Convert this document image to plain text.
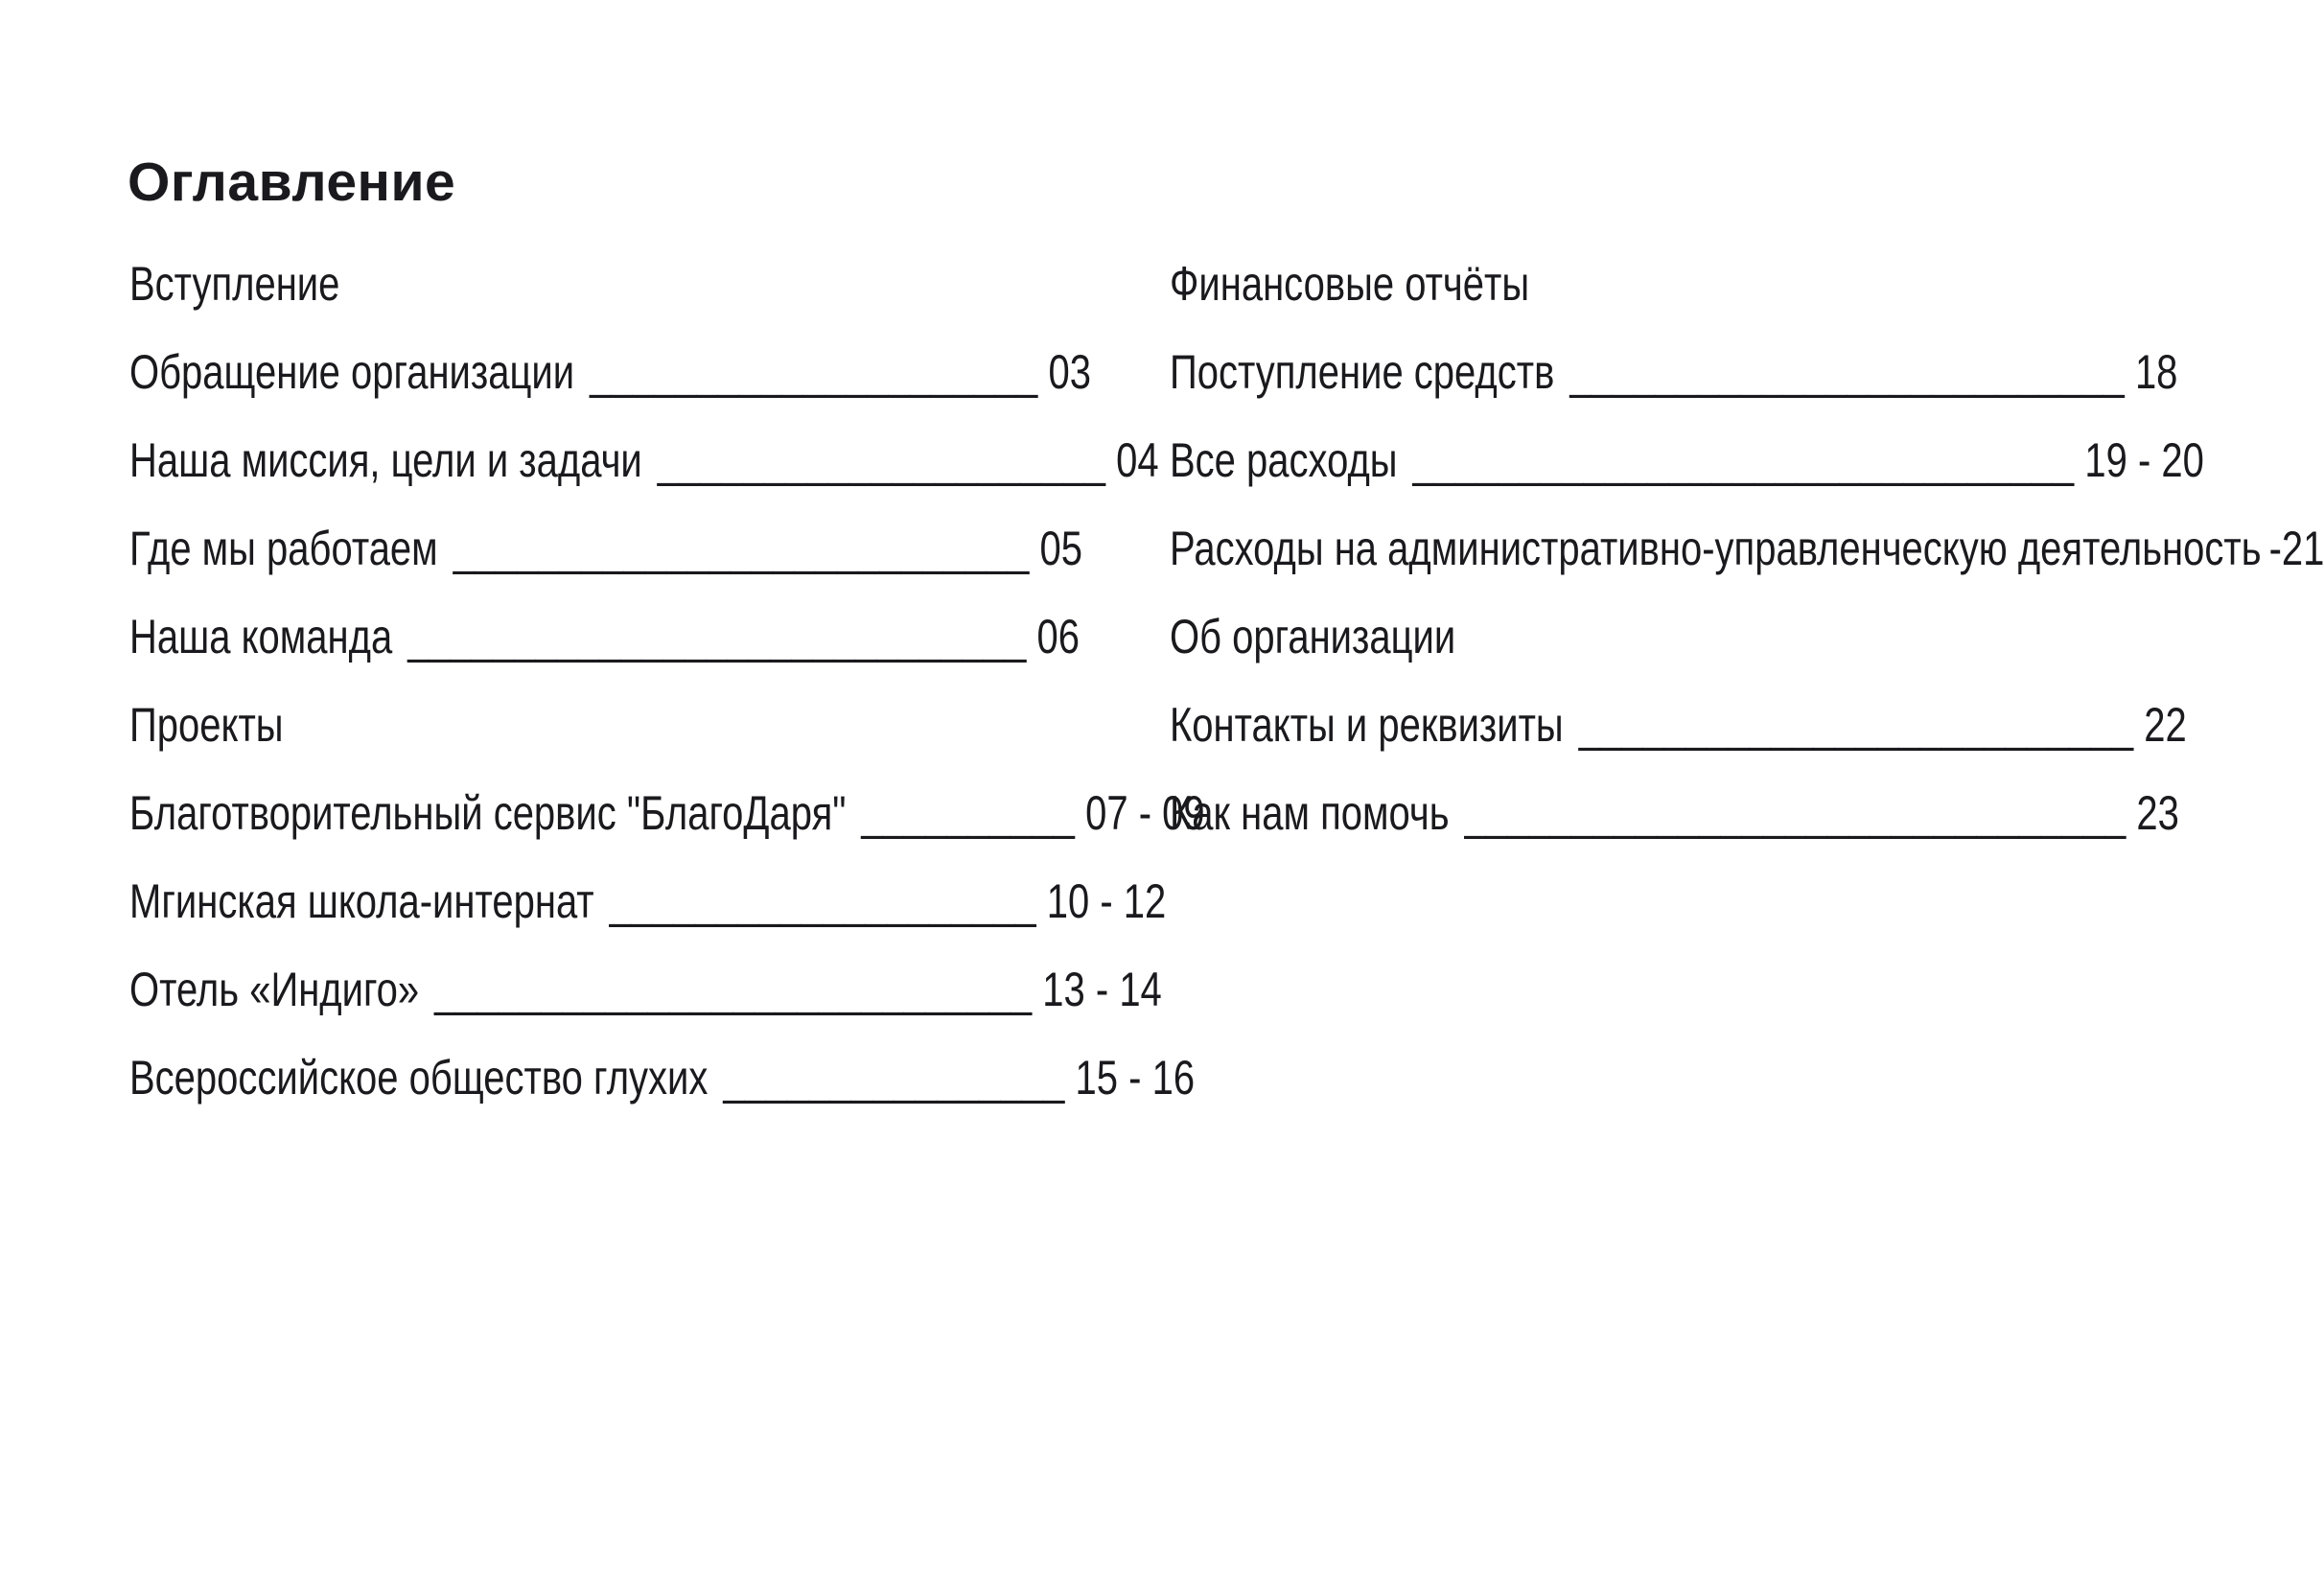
Оглавление
Вступление
Обращение организации _____________________ 03
Наша миссия, цели и задачи _____________________ 04
Где мы работаем ___________________________ 05
Наша команда _____________________________ 06
Проекты
Благотворительный сервис "БлагоДаря" __________ 07 - 09
Мгинская школа-интернат ____________________ 10 - 12
Отель «Индиго» ____________________________ 13 - 14
Всероссийское общество глухих ________________ 15 - 16
Финансовые отчёты
Поступление средств __________________________ 18
Все расходы _______________________________ 19 - 20
Расходы на административно-управленческую деятельность -21
Об организации
Контакты и реквизиты __________________________ 22
Как нам помочь _______________________________ 23
